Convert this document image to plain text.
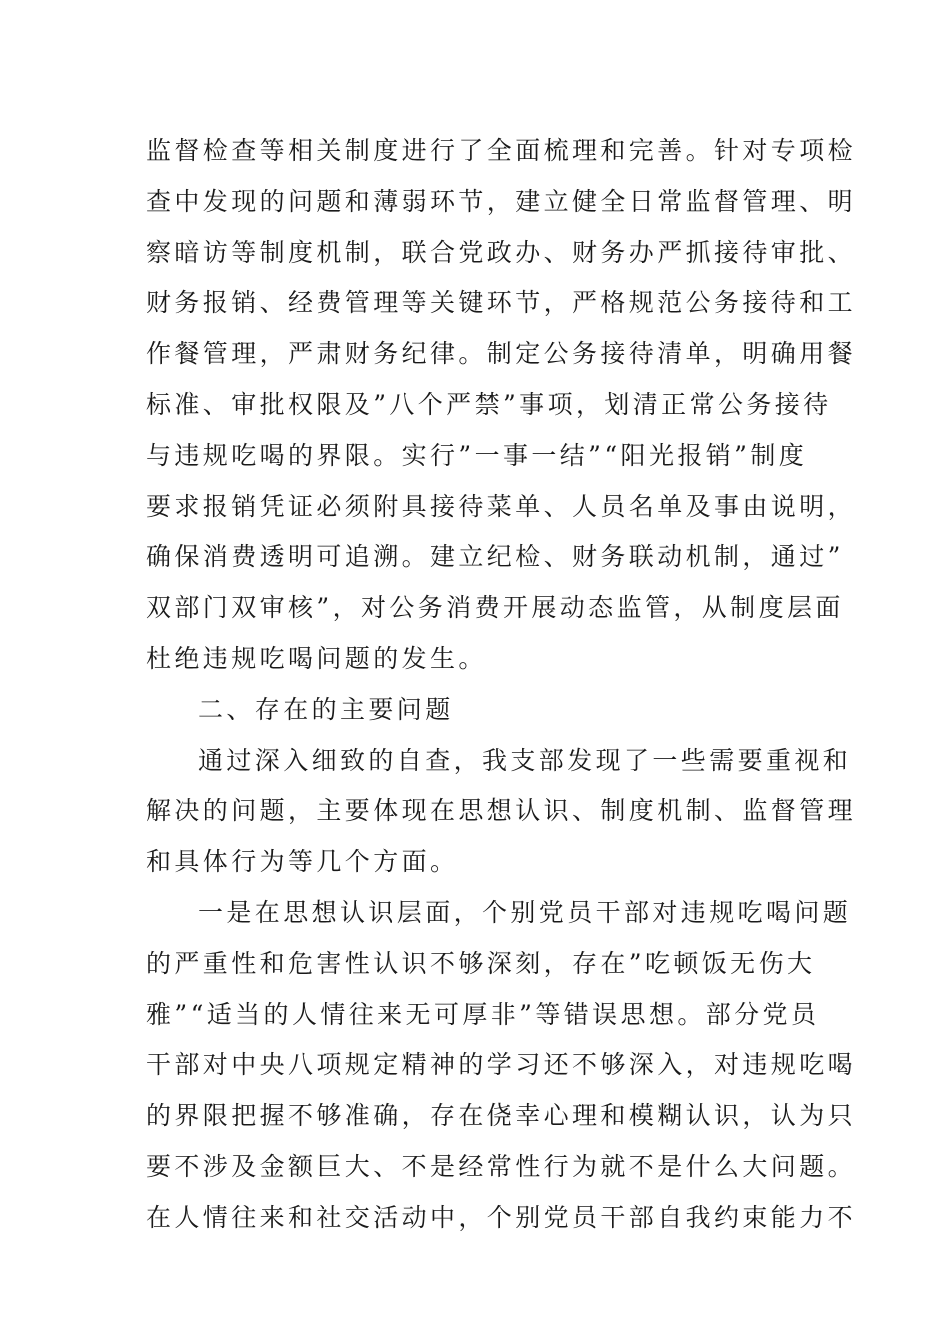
监督检查等相关制度进行了全面梳理和完善。针对专项检
查中发现的问题和薄弱环节，建立健全日常监督管理、明
察暗访等制度机制，联合党政办、财务办严抓接待审批、
财务报销、经费管理等关键环节，严格规范公务接待和工
作餐管理，严肃财务纪律。制定公务接待清单，明确用餐
标准、审批权限及”八个严禁”事项，划清正常公务接待
与违规吃喝的界限。实行”一事一结”“阳光报销”制度
要求报销凭证必须附具接待菜单、人员名单及事由说明，
确保消费透明可追溯。建立纪检、财务联动机制，通过”
双部门双审核”，对公务消费开展动态监管，从制度层面
杜绝违规吃喝问题的发生。
二、存在的主要问题
通过深入细致的自查，我支部发现了一些需要重视和
解决的问题，主要体现在思想认识、制度机制、监督管理
和具体行为等几个方面。
一是在思想认识层面，个别党员干部对违规吃喝问题
的严重性和危害性认识不够深刻，存在”吃顿饭无伤大
雅”“适当的人情往来无可厚非”等错误思想。部分党员
干部对中央八项规定精神的学习还不够深入，对违规吃喝
的界限把握不够准确，存在侥幸心理和模糊认识，认为只
要不涉及金额巨大、不是经常性行为就不是什么大问题。
在人情往来和社交活动中，个别党员干部自我约束能力不
